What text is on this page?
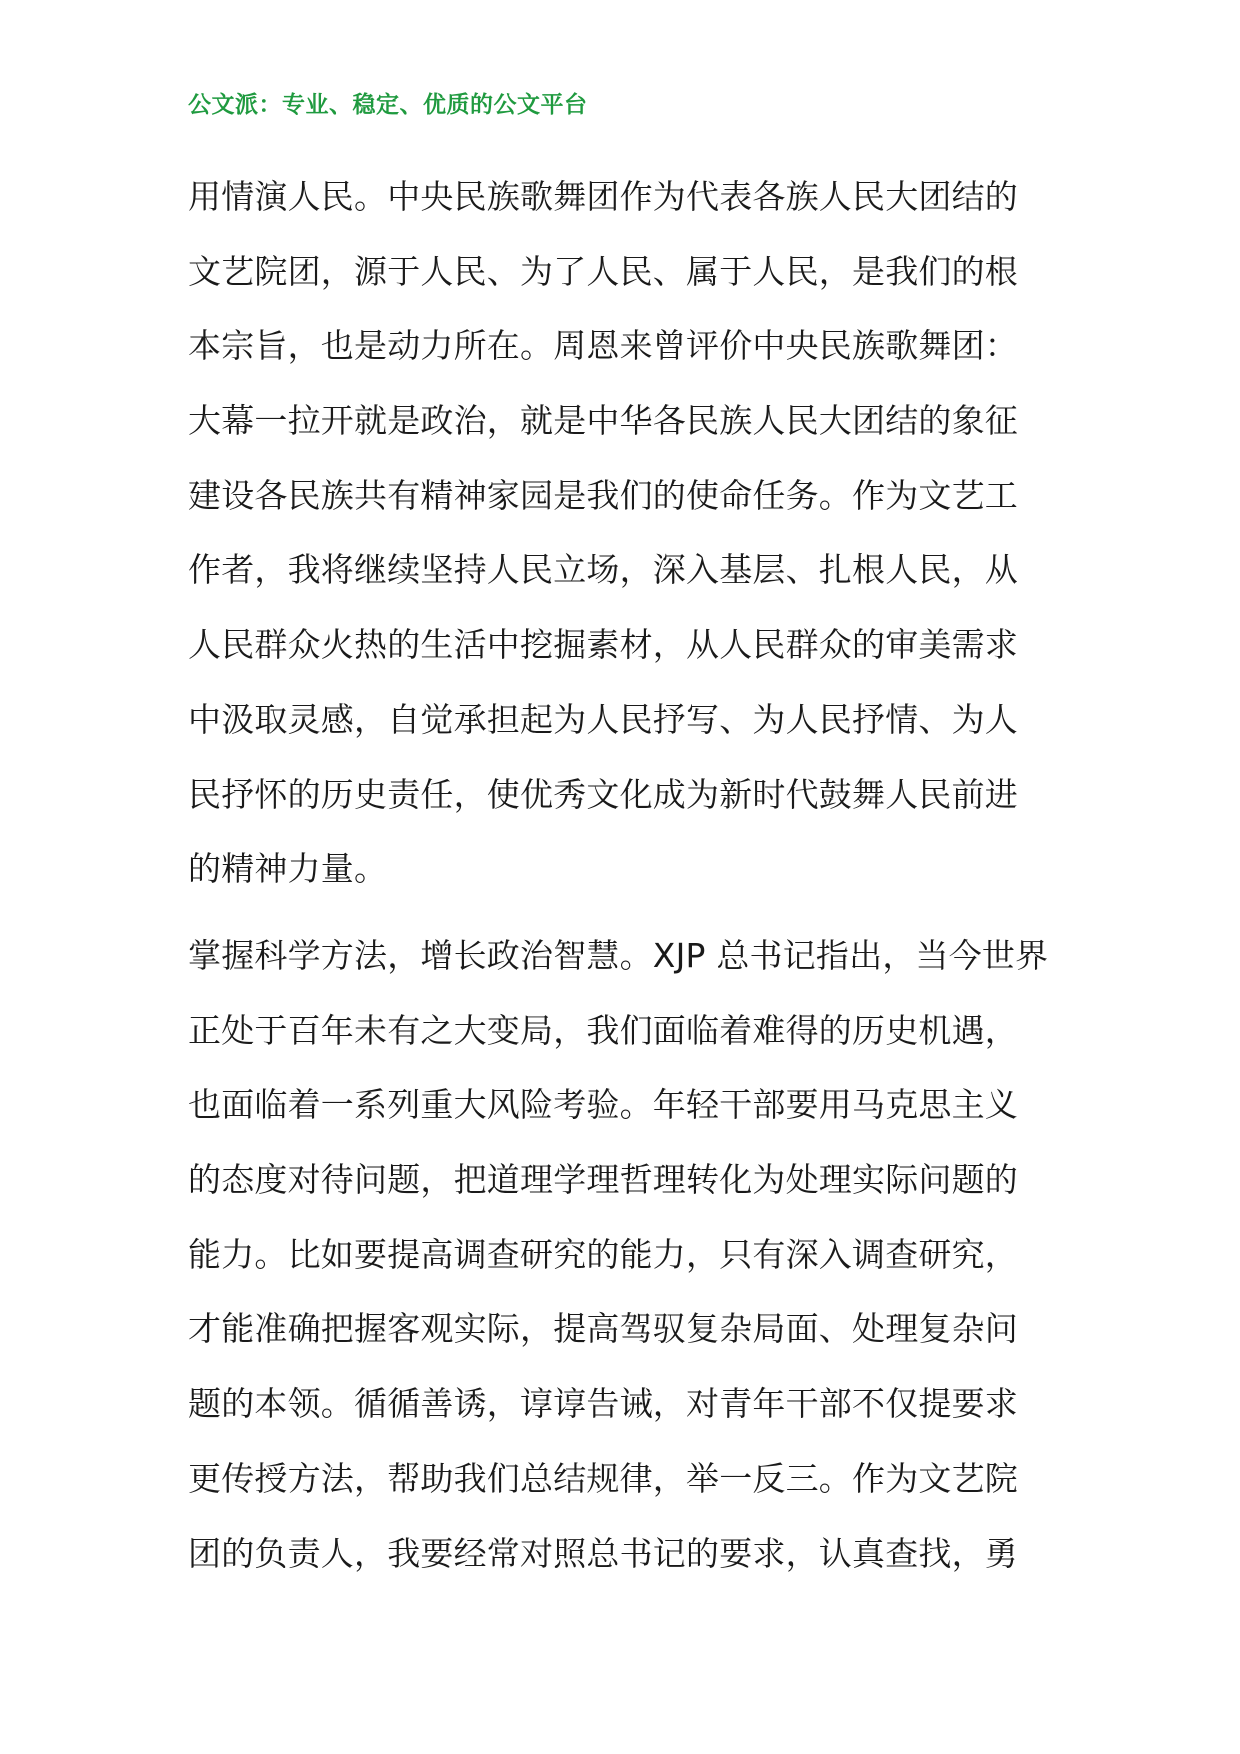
公文派：专业、稳定、优质的公文平台
用情演人民。中央民族歌舞团作为代表各族人民大团结的
文艺院团，源于人民、为了人民、属于人民，是我们的根
本宗旨，也是动力所在。周恩来曾评价中央民族歌舞团：
大幕一拉开就是政治，就是中华各民族人民大团结的象征
建设各民族共有精神家园是我们的使命任务。作为文艺工
作者，我将继续坚持人民立场，深入基层、扎根人民，从
人民群众火热的生活中挖掘素材，从人民群众的审美需求
中汲取灵感，自觉承担起为人民抒写、为人民抒情、为人
民抒怀的历史责任，使优秀文化成为新时代鼓舞人民前进
的精神力量。
掌握科学方法，增长政治智慧。XJP 总书记指出，当今世界
正处于百年未有之大变局，我们面临着难得的历史机遇，
也面临着一系列重大风险考验。年轻干部要用马克思主义
的态度对待问题，把道理学理哲理转化为处理实际问题的
能力。比如要提高调查研究的能力，只有深入调查研究，
才能准确把握客观实际，提高驾驭复杂局面、处理复杂问
题的本领。循循善诱，谆谆告诫，对青年干部不仅提要求
更传授方法，帮助我们总结规律，举一反三。作为文艺院
团的负责人，我要经常对照总书记的要求，认真查找，勇
